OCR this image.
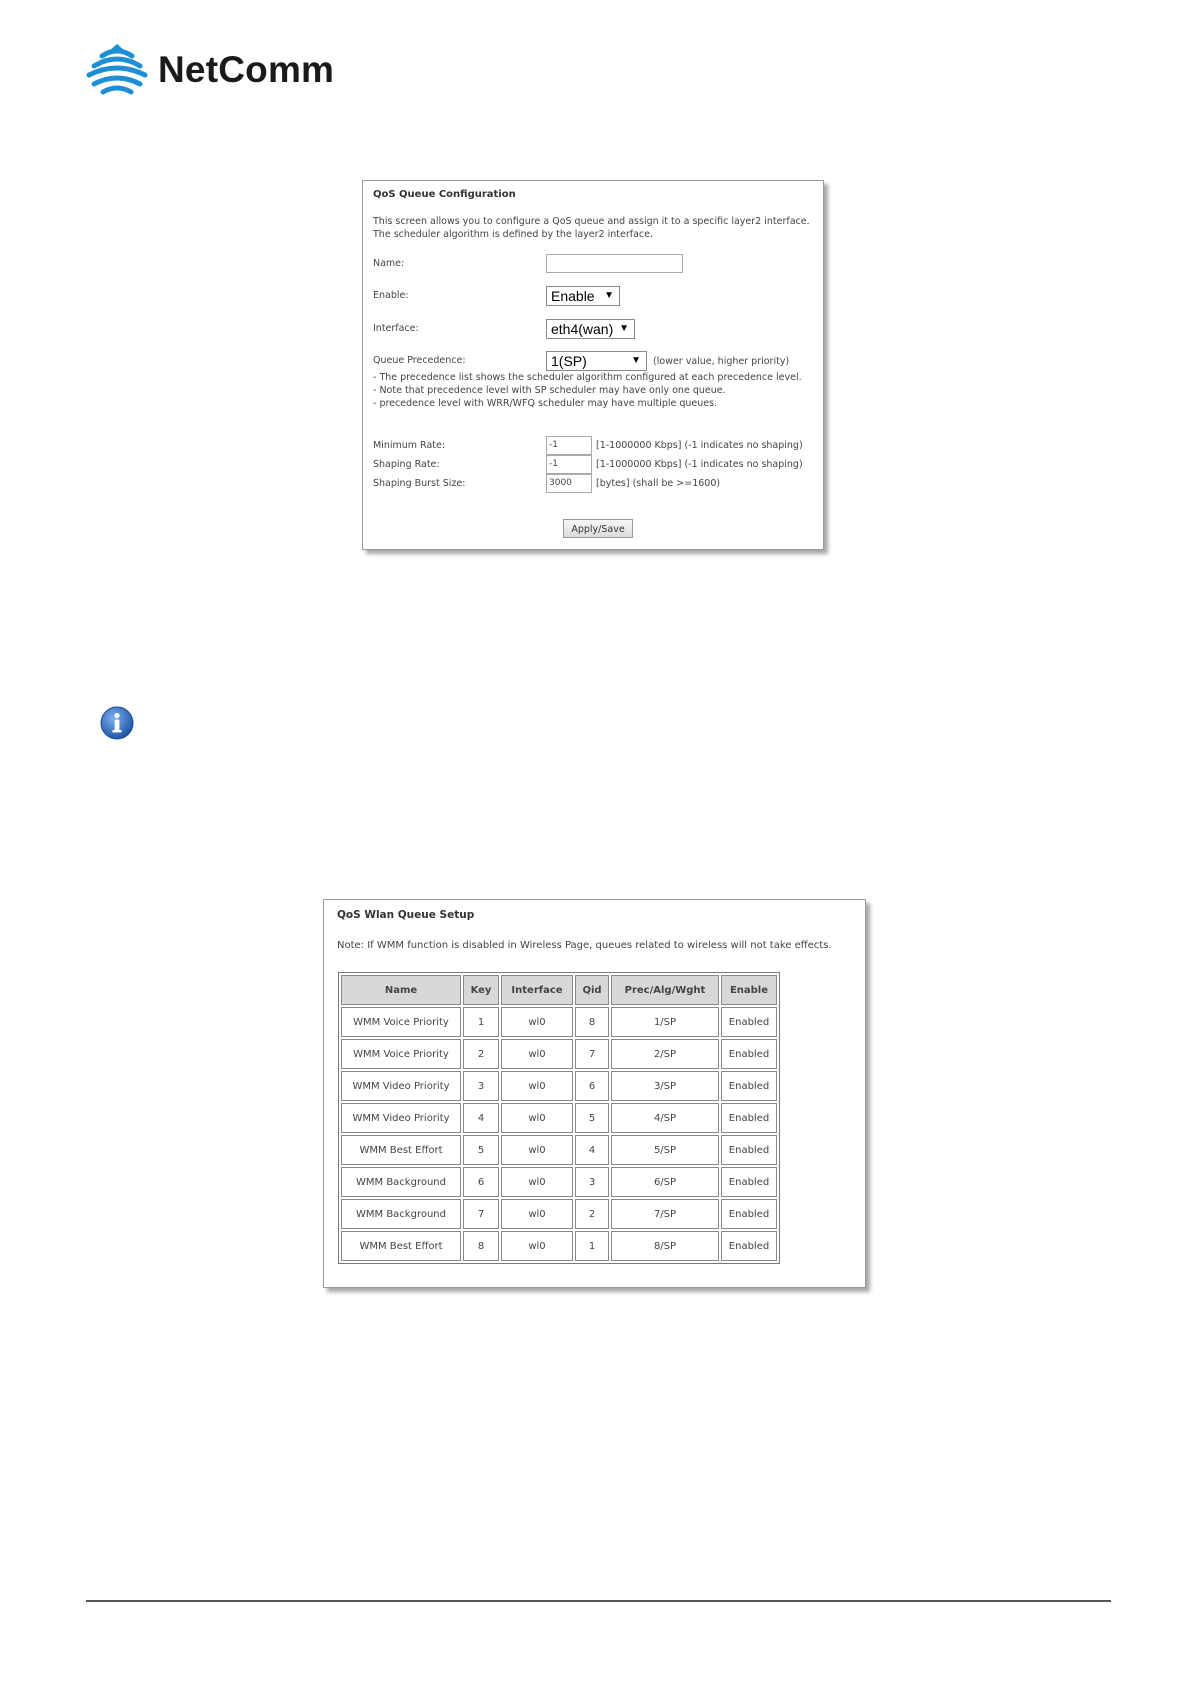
NetComm
QoS Queue Configuration
This screen allows you to configure a QoS queue and assign it to a specific layer2 interface. The scheduler algorithm is defined by the layer2 interface.
Name:
Enable:	Enable ▼
Interface:	eth4(wan) ▼
Queue Precedence:	1(SP)	▼ (lower value, higher priority)
- The precedence list shows the scheduler algorithm configured at each precedence level.
- Note that precedence level with SP scheduler may have only one queue.
- precedence level with WRR/WFQ scheduler may have multiple queues.
Minimum Rate:	-1	[1-1000000 Kbps] (-1 indicates no shaping)
Shaping Rate:	-1	[1-1000000 Kbps] (-1 indicates no shaping)
Shaping Burst Size:	3000	[bytes] (shall be >=1600)
Apply/Save
QoS Wlan Queue Setup
Note: If WMM function is disabled in Wireless Page, queues related to wireless will not take effects.
Name	Key	Interface	Qid	Prec/Alg/Wght	Enable
WMM Voice Priority	1	wl0	8	1/SP	Enabled
WMM Voice Priority	2	wl0	7	2/SP	Enabled
WMM Video Priority	3	wl0	6	3/SP	Enabled
WMM Video Priority	4	wl0	5	4/SP	Enabled
WMM Best Effort	5	wl0	4	5/SP	Enabled
WMM Background	6	wl0	3	6/SP	Enabled
WMM Background	7	wl0	2	7/SP	Enabled
WMM Best Effort	8	wl0	1	8/SP	Enabled
